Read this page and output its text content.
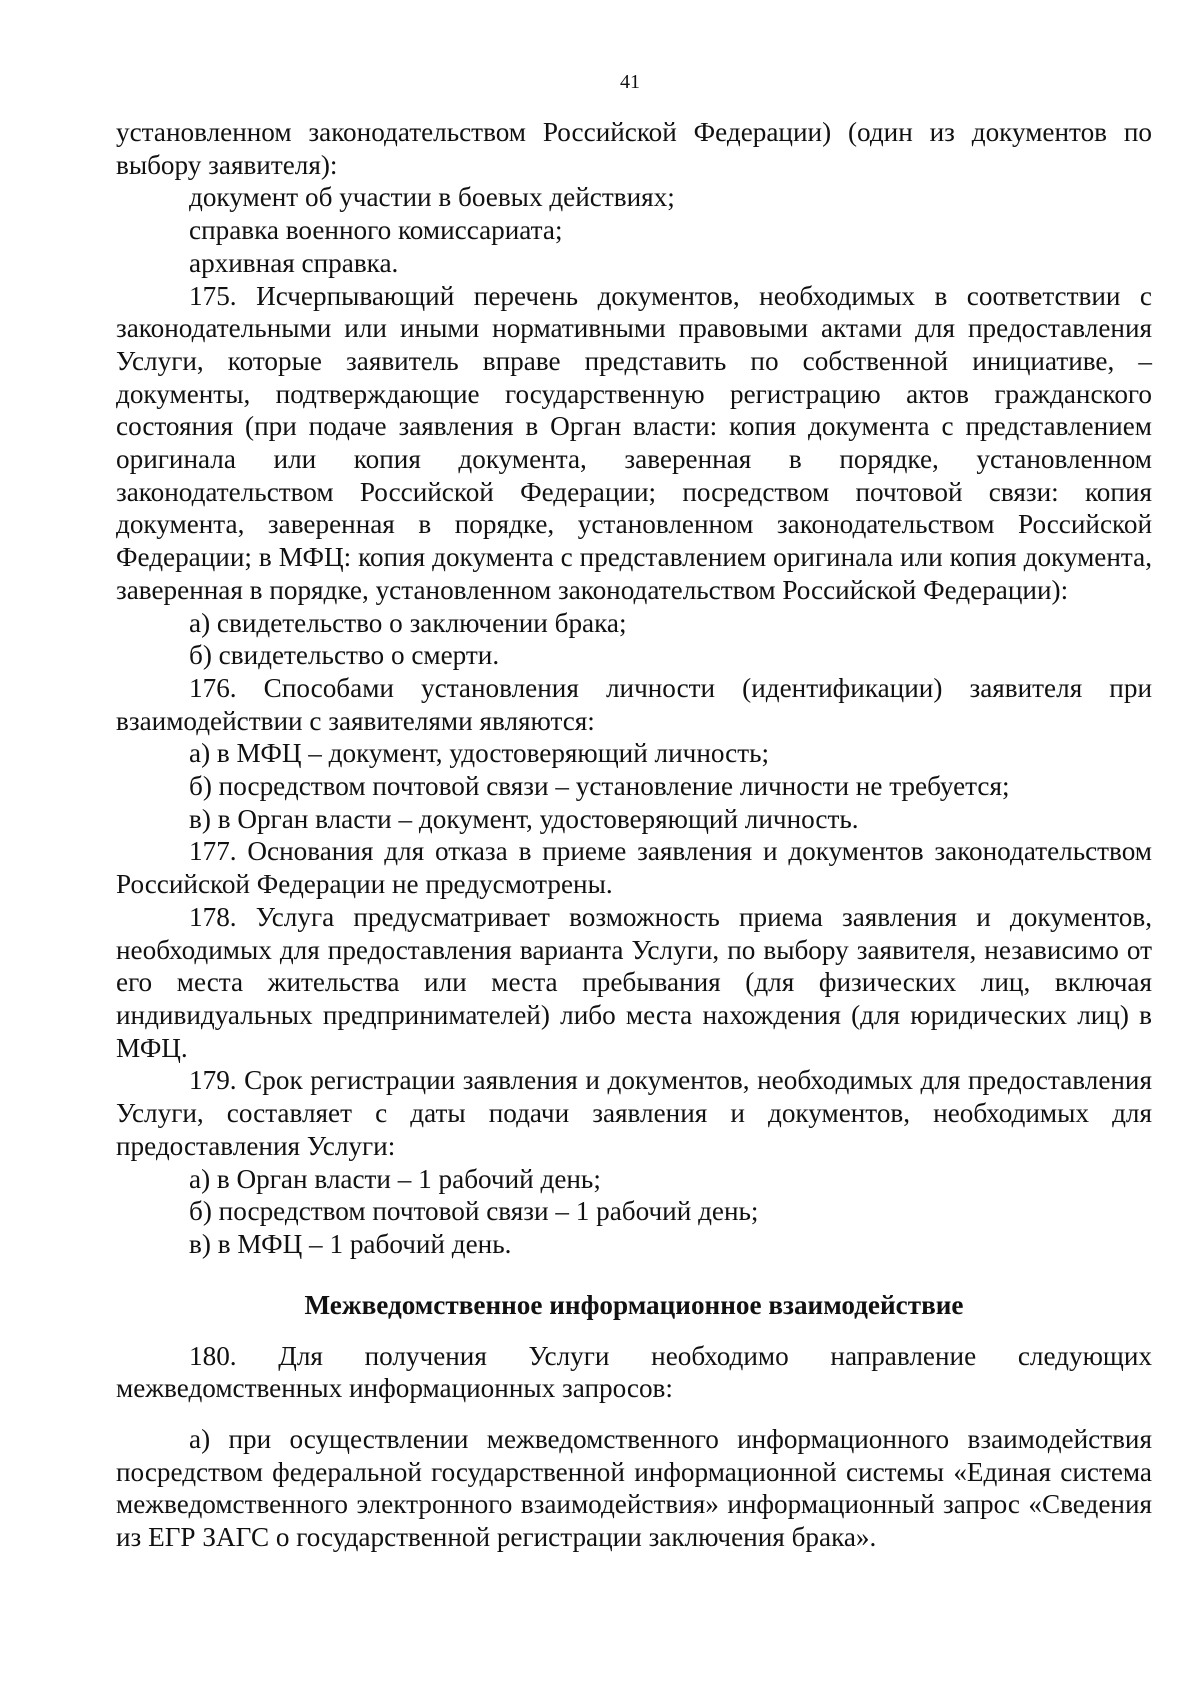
41

установленном законодательством Российской Федерации) (один из документов по выбору заявителя):

документ об участии в боевых действиях;

справка военного комиссариата;

архивная справка.

175. Исчерпывающий перечень документов, необходимых в соответствии с законодательными или иными нормативными правовыми актами для предоставления Услуги, которые заявитель вправе представить по собственной инициативе, – документы, подтверждающие государственную регистрацию актов гражданского состояния (при подаче заявления в Орган власти: копия документа с представлением оригинала или копия документа, заверенная в порядке, установленном законодательством Российской Федерации; посредством почтовой связи: копия документа, заверенная в порядке, установленном законодательством Российской Федерации; в МФЦ: копия документа с представлением оригинала или копия документа, заверенная в порядке, установленном законодательством Российской Федерации):

а) свидетельство о заключении брака;

б) свидетельство о смерти.

176. Способами установления личности (идентификации) заявителя при взаимодействии с заявителями являются:

а) в МФЦ – документ, удостоверяющий личность;

б) посредством почтовой связи – установление личности не требуется;

в) в Орган власти – документ, удостоверяющий личность.

177. Основания для отказа в приеме заявления и документов законодательством Российской Федерации не предусмотрены.

178. Услуга предусматривает возможность приема заявления и документов, необходимых для предоставления варианта Услуги, по выбору заявителя, независимо от его места жительства или места пребывания (для физических лиц, включая индивидуальных предпринимателей) либо места нахождения (для юридических лиц) в МФЦ.

179. Срок регистрации заявления и документов, необходимых для предоставления Услуги, составляет с даты подачи заявления и документов, необходимых для предоставления Услуги:

а) в Орган власти – 1 рабочий день;

б) посредством почтовой связи – 1 рабочий день;

в) в МФЦ – 1 рабочий день.

Межведомственное информационное взаимодействие

180. Для получения Услуги необходимо направление следующих межведомственных информационных запросов:

а) при осуществлении межведомственного информационного взаимодействия посредством федеральной государственной информационной системы «Единая система межведомственного электронного взаимодействия» информационный запрос «Сведения из ЕГР ЗАГС о государственной регистрации заключения брака».
